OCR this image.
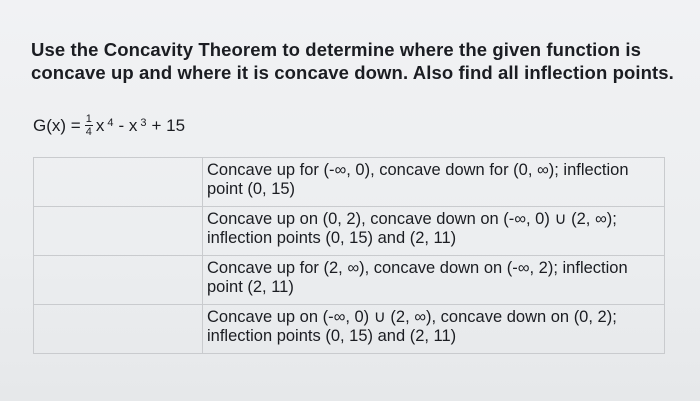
Use the Concavity Theorem to determine where the given function is
concave up and where it is concave down. Also find all inflection points.

$G(x) = \frac{1}{4}$ x $^4$ - x $^3$ + 15

	Concave up for (-∞, 0), concave down for (0, ∞); inflection
point (0, 15)

	Concave up on (0, 2), concave down on (-∞, 0) ∪ (2, ∞);
inflection points (0, 15) and (2, 11)

	Concave up for (2, ∞), concave down on (-∞, 2); inflection
point (2, 11)

	Concave up on (-∞, 0) ∪ (2, ∞), concave down on (0, 2);
inflection points (0, 15) and (2, 11)
